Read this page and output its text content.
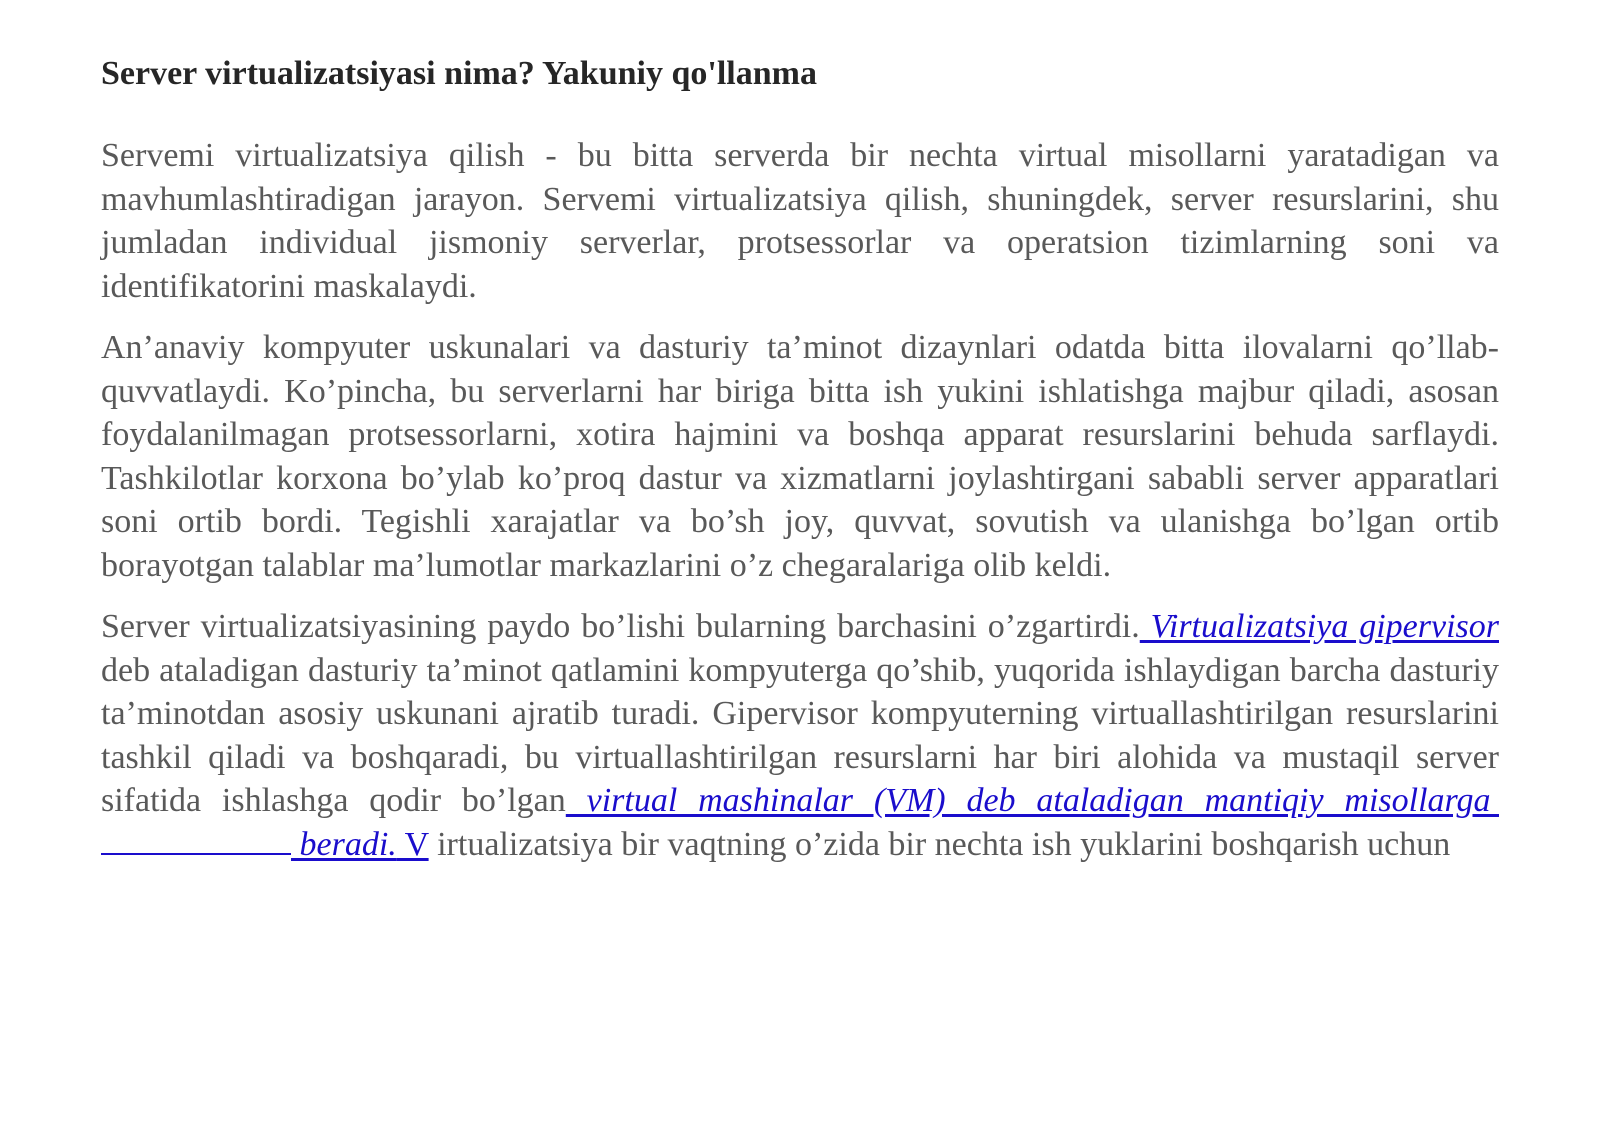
Server virtualizatsiyasi nima? Yakuniy qo'llanma

Servemi virtualizatsiya qilish - bu bitta serverda bir nechta virtual misollarni yaratadigan va mavhumlashtiradigan jarayon. Servemi virtualizatsiya qilish, shuningdek, server resurslarini, shu jumladan individual jismoniy serverlar, protsessorlar va operatsion tizimlarning soni va identifikatorini maskalaydi.

An’anaviy kompyuter uskunalari va dasturiy ta’minot dizaynlari odatda bitta ilovalarni qo’llab-quvvatlaydi. Ko’pincha, bu serverlarni har biriga bitta ish yukini ishlatishga majbur qiladi, asosan foydalanilmagan protsessorlarni, xotira hajmini va boshqa apparat resurslarini behuda sarflaydi. Tashkilotlar korxona bo’ylab ko’proq dastur va xizmatlarni joylashtirgani sababli server apparatlari soni ortib bordi. Tegishli xarajatlar va bo’sh joy, quvvat, sovutish va ulanishga bo’lgan ortib borayotgan talablar ma’lumotlar markazlarini o’z chegaralariga olib keldi.

Server virtualizatsiyasining paydo bo’lishi bularning barchasini o’zgartirdi. Virtualizatsiya gipervisor deb ataladigan dasturiy ta’minot qatlamini kompyuterga qo’shib, yuqorida ishlaydigan barcha dasturiy ta’minotdan asosiy uskunani ajratib turadi. Gipervisor kompyuterning virtuallashtirilgan resurslarini tashkil qiladi va boshqaradi, bu virtuallashtirilgan resurslarni har biri alohida va mustaqil server sifatida ishlashga qodir bo’lgan virtual mashinalar (VM) deb ataladigan mantiqiy misollarga  beradi. V irtualizatsiya bir vaqtning o’zida bir nechta ish yuklarini boshqarish uchun
